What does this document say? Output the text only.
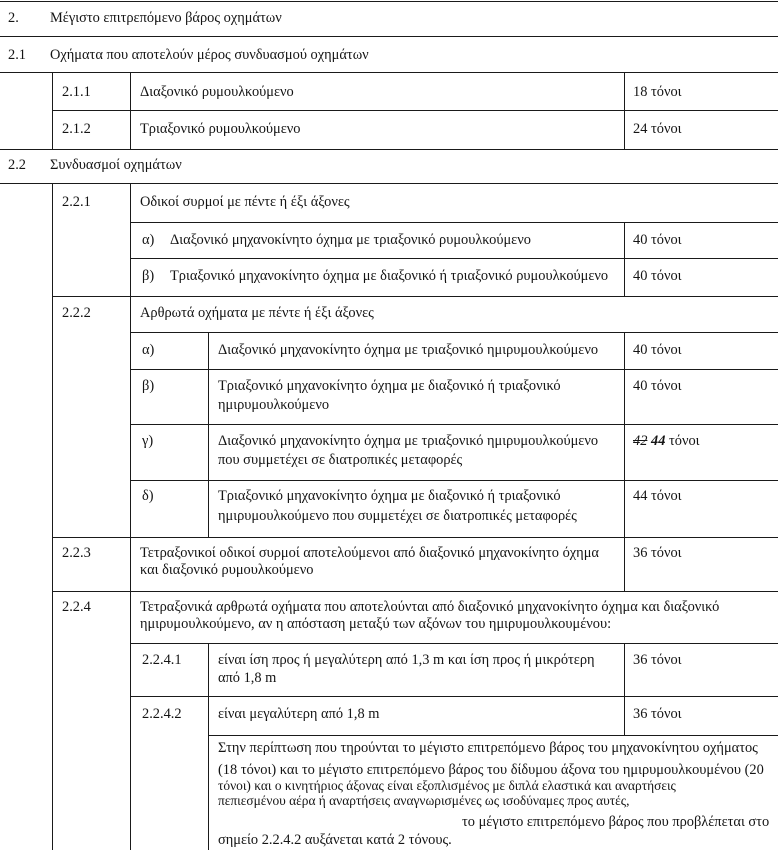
2. Μέγιστο επιτρεπόμενο βάρος οχημάτων
2.1 Οχήματα που αποτελούν μέρος συνδυασμού οχημάτων
2.1.1	Διαξονικό ρυμουλκούμενο	18 τόνοι
2.1.2	Τριαξονικό ρυμουλκούμενο	24 τόνοι
2.2 Συνδυασμοί οχημάτων
2.2.1	Οδικοί συρμοί με πέντε ή έξι άξονες
α) Διαξονικό μηχανοκίνητο όχημα με τριαξονικό ρυμουλκούμενο	40 τόνοι
β) Τριαξονικό μηχανοκίνητο όχημα με διαξονικό ή τριαξονικό ρυμουλκούμενο 40 τόνοι
2.2.2	Αρθρωτά οχήματα με πέντε ή έξι άξονες
α)	Διαξονικό μηχανοκίνητο όχημα με τριαξονικό ημιρυμουλκούμενο 40 τόνοι
β)	Τριαξονικό μηχανοκίνητο όχημα με διαξονικό ή τριαξονικό
ημιρυμουλκούμενο
40 τόνοι
γ)	Διαξονικό μηχανοκίνητο όχημα με τριαξονικό ημιρυμουλκούμενο
που συμμετέχει σε διατροπικές μεταφορές
42 44 τόνοι
δ)	Τριαξονικό μηχανοκίνητο όχημα με διαξονικό ή τριαξονικό
ημιρυμουλκούμενο που συμμετέχει σε διατροπικές μεταφορές
44 τόνοι
2.2.3	Τετραξονικοί οδικοί συρμοί αποτελούμενοι από διαξονικό μηχανοκίνητο όχημα
και διαξονικό ρυμουλκούμενο
36 τόνοι
2.2.4	Τετραξονικά αρθρωτά οχήματα που αποτελούνται από διαξονικό μηχανοκίνητο όχημα και διαξονικό
ημιρυμουλκούμενο, αν η απόσταση μεταξύ των αξόνων του ημιρυμουλκουμένου:
2.2.4.1	είναι ίση προς ή μεγαλύτερη από 1,3 m και ίση προς ή μικρότερη
από 1,8 m
36 τόνοι
2.2.4.2	είναι μεγαλύτερη από 1,8 m	36 τόνοι
Στην περίπτωση που τηρούνται το μέγιστο επιτρεπόμενο βάρος του μηχανοκίνητου οχήματος
(18 τόνοι) και το μέγιστο επιτρεπόμενο βάρος του δίδυμου άξονα του ημιρυμουλκουμένου (20
τόνοι) και ο κινητήριος άξονας είναι εξοπλισμένος με διπλά ελαστικά και αναρτήσεις
πεπιεσμένου αέρα ή αναρτήσεις αναγνωρισμένες ως ισοδύναμες προς αυτές,
το μέγιστο επιτρεπόμενο βάρος που προβλέπεται στο
σημείο 2.2.4.2 αυξάνεται κατά 2 τόνους.
